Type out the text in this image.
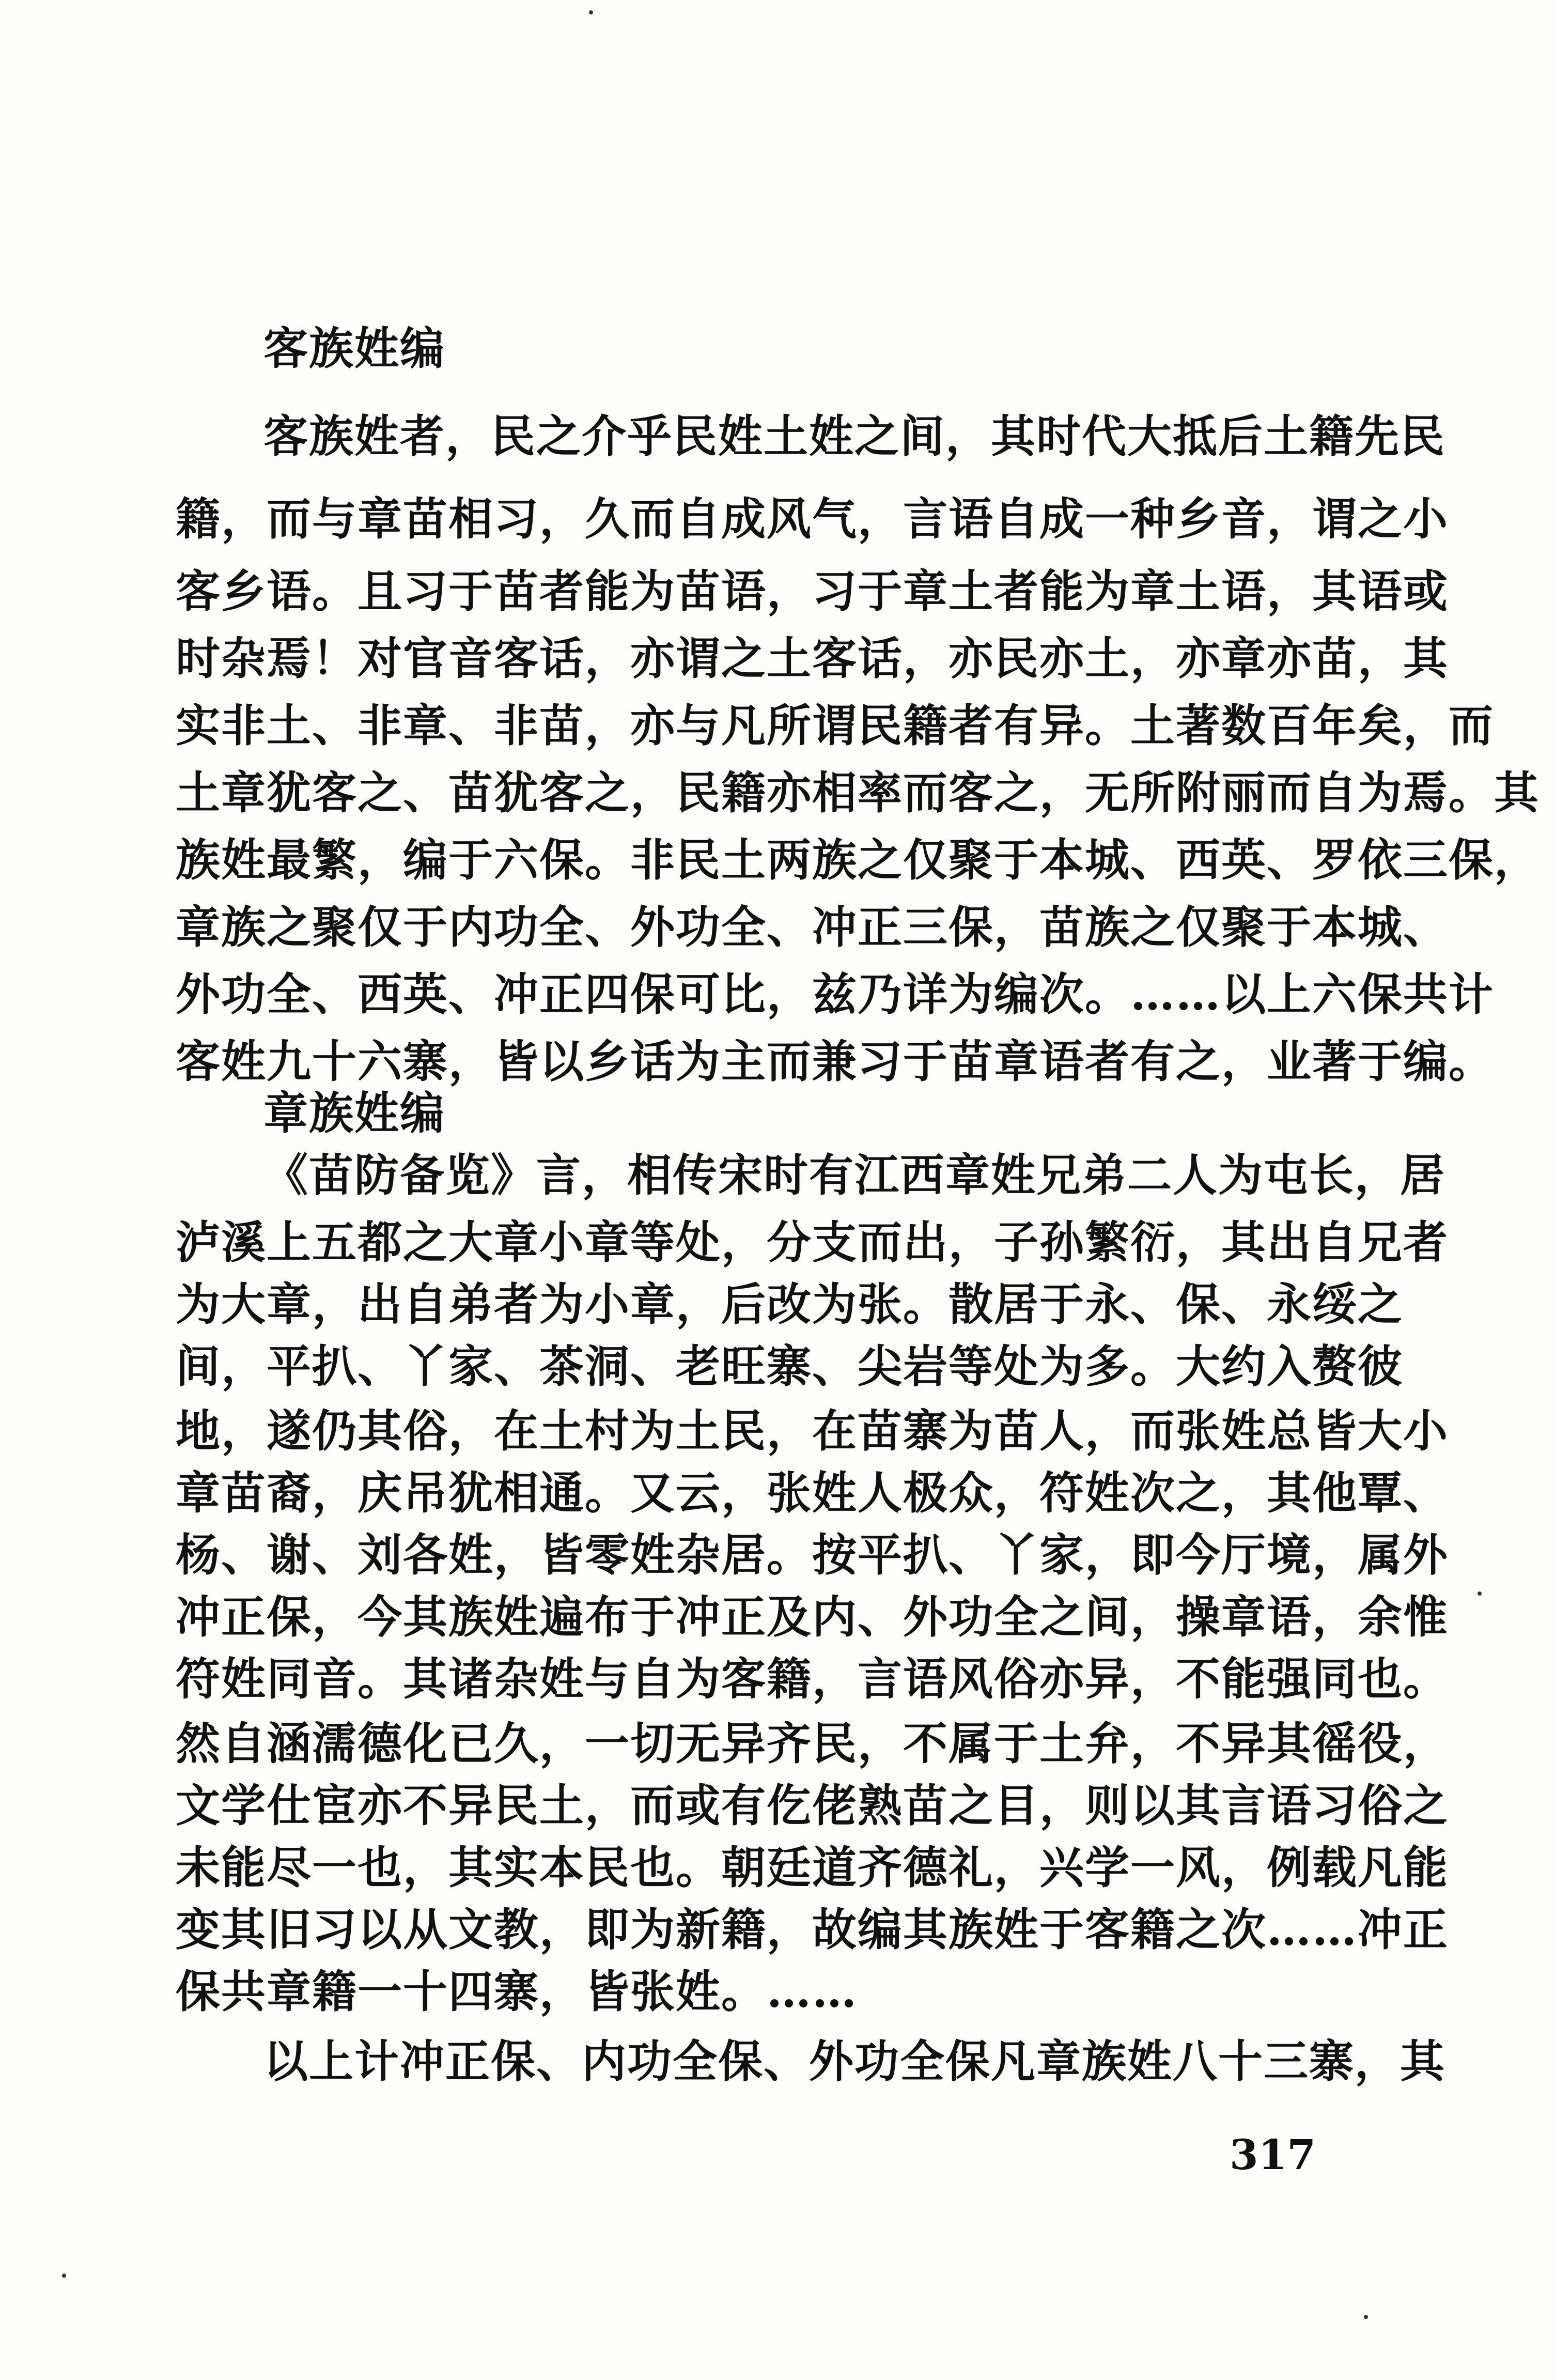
客族姓编
客族姓者，民之介乎民姓土姓之间，其时代大抵后土籍先民
籍，而与章苗相习，久而自成风气，言语自成一种乡音，谓之小
客乡语。且习于苗者能为苗语，习于章土者能为章土语，其语或
时杂焉！对官音客话，亦谓之土客话，亦民亦土，亦章亦苗，其
实非土、非章、非苗，亦与凡所谓民籍者有异。土著数百年矣，而
土章犹客之、苗犹客之，民籍亦相率而客之，无所附丽而自为焉。其
族姓最繁，编于六保。非民土两族之仅聚于本城、西英、罗依三保，
章族之聚仅于内功全、外功全、冲正三保，苗族之仅聚于本城、
外功全、西英、冲正四保可比，兹乃详为编次。……以上六保共计
客姓九十六寨，皆以乡话为主而兼习于苗章语者有之，业著于编。
章族姓编
《苗防备览》言，相传宋时有江西章姓兄弟二人为屯长，居
泸溪上五都之大章小章等处，分支而出，子孙繁衍，其出自兄者
为大章，出自弟者为小章，后改为张。散居于永、保、永绥之
间，平扒、丫家、茶洞、老旺寨、尖岩等处为多。大约入赘彼
地，遂仍其俗，在土村为土民，在苗寨为苗人，而张姓总皆大小
章苗裔，庆吊犹相通。又云，张姓人极众，符姓次之，其他覃、
杨、谢、刘各姓，皆零姓杂居。按平扒、丫家，即今厅境，属外
冲正保，今其族姓遍布于冲正及内、外功全之间，操章语，余惟
符姓同音。其诸杂姓与自为客籍，言语风俗亦异，不能强同也。
然自涵濡德化已久，一切无异齐民，不属于土弁，不异其徭役，
文学仕宦亦不异民土，而或有仡佬熟苗之目，则以其言语习俗之
未能尽一也，其实本民也。朝廷道齐德礼，兴学一风，例载凡能
变其旧习以从文教，即为新籍，故编其族姓于客籍之次……冲正
保共章籍一十四寨，皆张姓。……
以上计冲正保、内功全保、外功全保凡章族姓八十三寨，其
317
